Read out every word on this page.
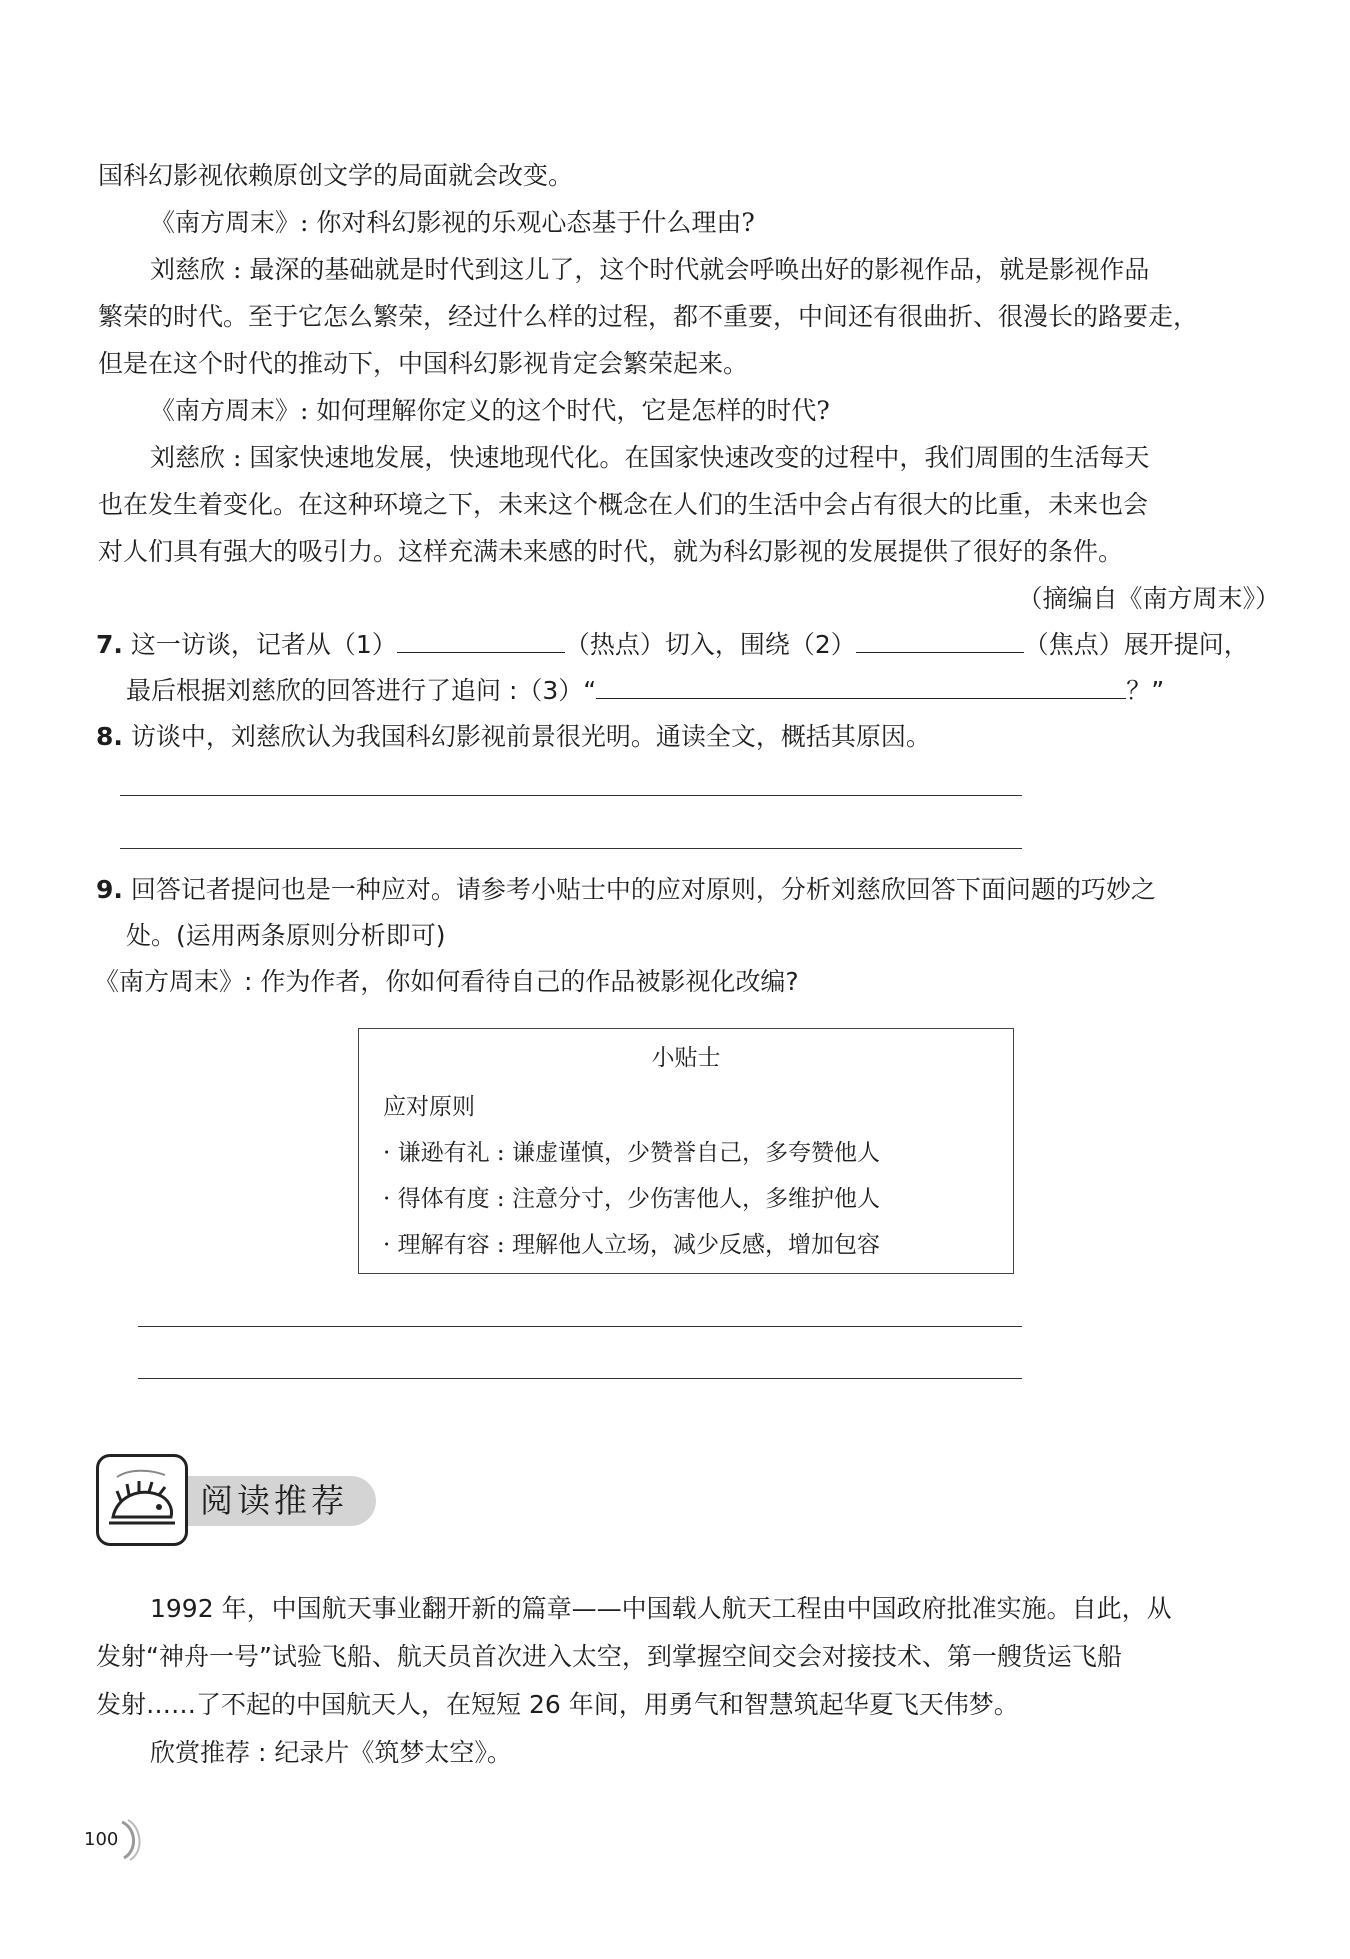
国科幻影视依赖原创文学的局面就会改变。
《南方周末》: 你对科幻影视的乐观心态基于什么理由?
刘慈欣 : 最深的基础就是时代到这儿了，这个时代就会呼唤出好的影视作品，就是影视作品
繁荣的时代。至于它怎么繁荣，经过什么样的过程，都不重要，中间还有很曲折、很漫长的路要走，
但是在这个时代的推动下，中国科幻影视肯定会繁荣起来。
《南方周末》: 如何理解你定义的这个时代，它是怎样的时代?
刘慈欣 : 国家快速地发展，快速地现代化。在国家快速改变的过程中，我们周围的生活每天
也在发生着变化。在这种环境之下，未来这个概念在人们的生活中会占有很大的比重，未来也会
对人们具有强大的吸引力。这样充满未来感的时代，就为科幻影视的发展提供了很好的条件。
（摘编自《南方周末》）
7. 这一访谈，记者从（1）	（热点）切入，围绕（2）	（焦点）展开提问，
最后根据刘慈欣的回答进行了追问 :（3）“	？”
8. 访谈中，刘慈欣认为我国科幻影视前景很光明。通读全文，概括其原因。
9. 回答记者提问也是一种应对。请参考小贴士中的应对原则，分析刘慈欣回答下面问题的巧妙之
处。(运用两条原则分析即可)
《南方周末》: 作为作者，你如何看待自己的作品被影视化改编?
小贴士
应对原则
· 谦逊有礼 : 谦虚谨慎，少赞誉自己，多夸赞他人
· 得体有度 : 注意分寸，少伤害他人，多维护他人
· 理解有容 : 理解他人立场，减少反感，增加包容
阅读推荐
1992 年，中国航天事业翻开新的篇章——中国载人航天工程由中国政府批准实施。自此，从
发射“神舟一号”试验飞船、航天员首次进入太空，到掌握空间交会对接技术、第一艘货运飞船
发射……了不起的中国航天人，在短短 26 年间，用勇气和智慧筑起华夏飞天伟梦。
欣赏推荐 : 纪录片《筑梦太空》。
100
